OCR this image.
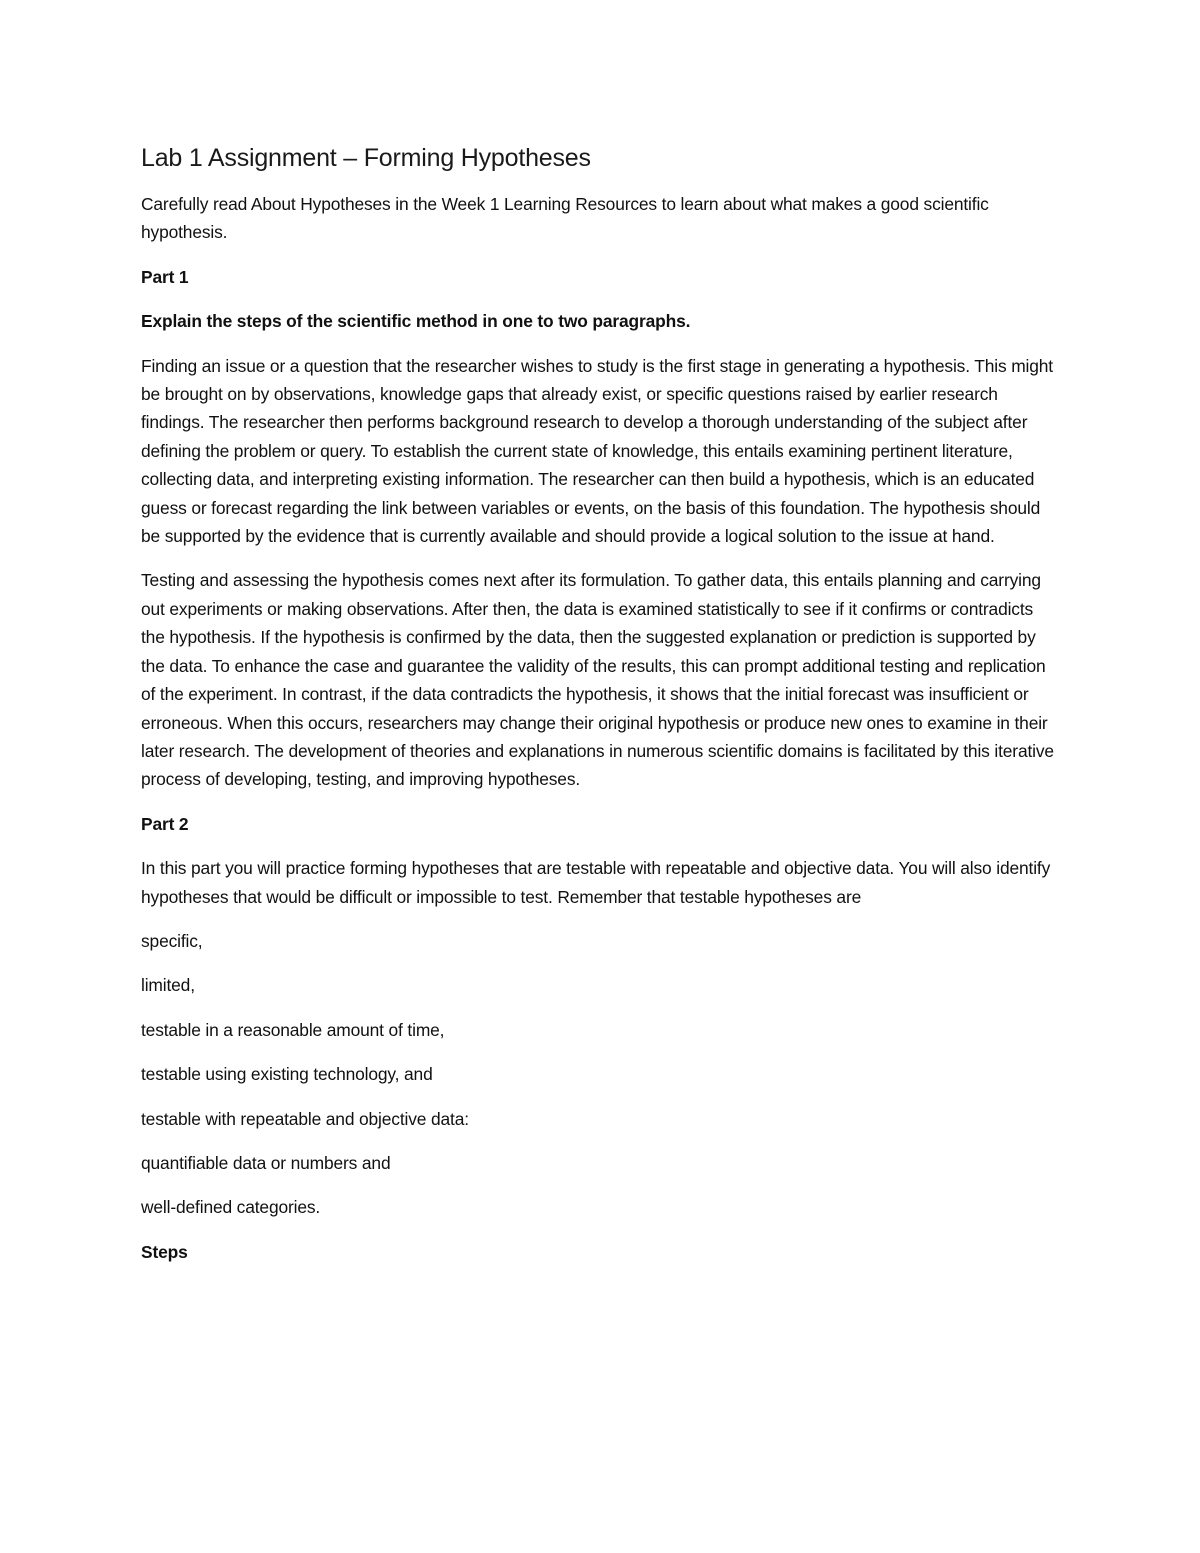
Lab 1 Assignment – Forming Hypotheses
Carefully read About Hypotheses in the Week 1 Learning Resources to learn about what makes a good scientific hypothesis.
Part 1
Explain the steps of the scientific method in one to two paragraphs.
Finding an issue or a question that the researcher wishes to study is the first stage in generating a hypothesis. This might be brought on by observations, knowledge gaps that already exist, or specific questions raised by earlier research findings. The researcher then performs background research to develop a thorough understanding of the subject after defining the problem or query. To establish the current state of knowledge, this entails examining pertinent literature, collecting data, and interpreting existing information. The researcher can then build a hypothesis, which is an educated guess or forecast regarding the link between variables or events, on the basis of this foundation. The hypothesis should be supported by the evidence that is currently available and should provide a logical solution to the issue at hand.
Testing and assessing the hypothesis comes next after its formulation. To gather data, this entails planning and carrying out experiments or making observations. After then, the data is examined statistically to see if it confirms or contradicts the hypothesis. If the hypothesis is confirmed by the data, then the suggested explanation or prediction is supported by the data. To enhance the case and guarantee the validity of the results, this can prompt additional testing and replication of the experiment. In contrast, if the data contradicts the hypothesis, it shows that the initial forecast was insufficient or erroneous. When this occurs, researchers may change their original hypothesis or produce new ones to examine in their later research. The development of theories and explanations in numerous scientific domains is facilitated by this iterative process of developing, testing, and improving hypotheses.
Part 2
In this part you will practice forming hypotheses that are testable with repeatable and objective data. You will also identify hypotheses that would be difficult or impossible to test. Remember that testable hypotheses are
specific,
limited,
testable in a reasonable amount of time,
testable using existing technology, and
testable with repeatable and objective data:
quantifiable data or numbers and
well-defined categories.
Steps
